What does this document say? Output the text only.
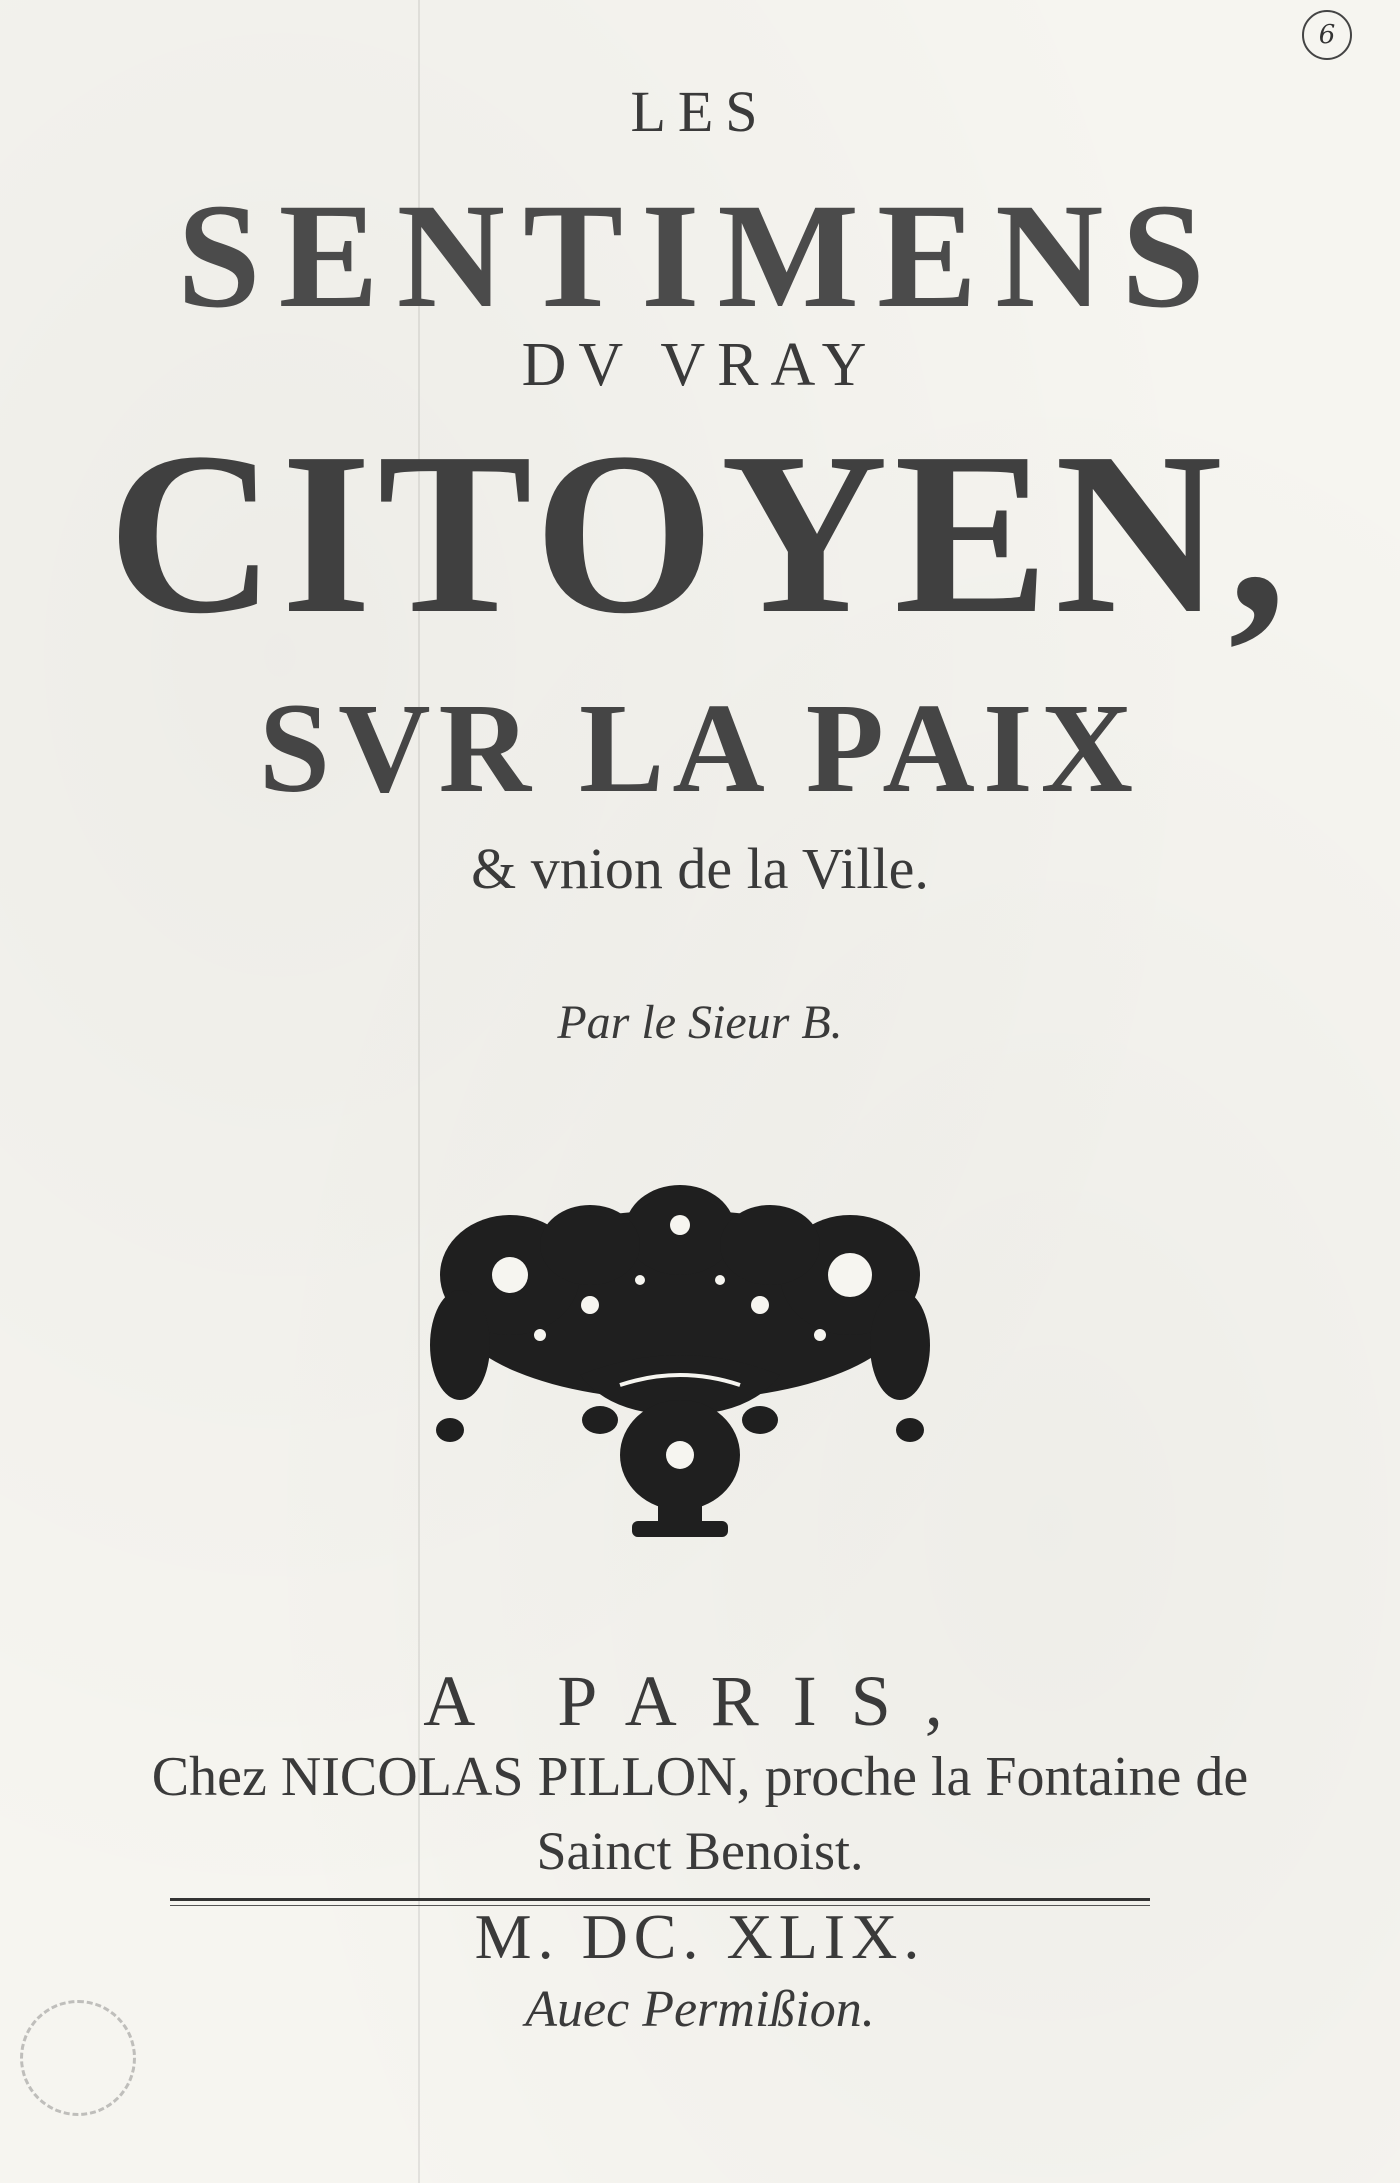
6
LES
SENTIMENS
DV VRAY
CITOYEN,
SVR LA PAIX
& vnion de la Ville.
Par le Sieur B.
A PARIS,
Chez NICOLAS PILLON, proche la Fontaine de
Sainct Benoist.
M. DC. XLIX.
Auec Permißion.
